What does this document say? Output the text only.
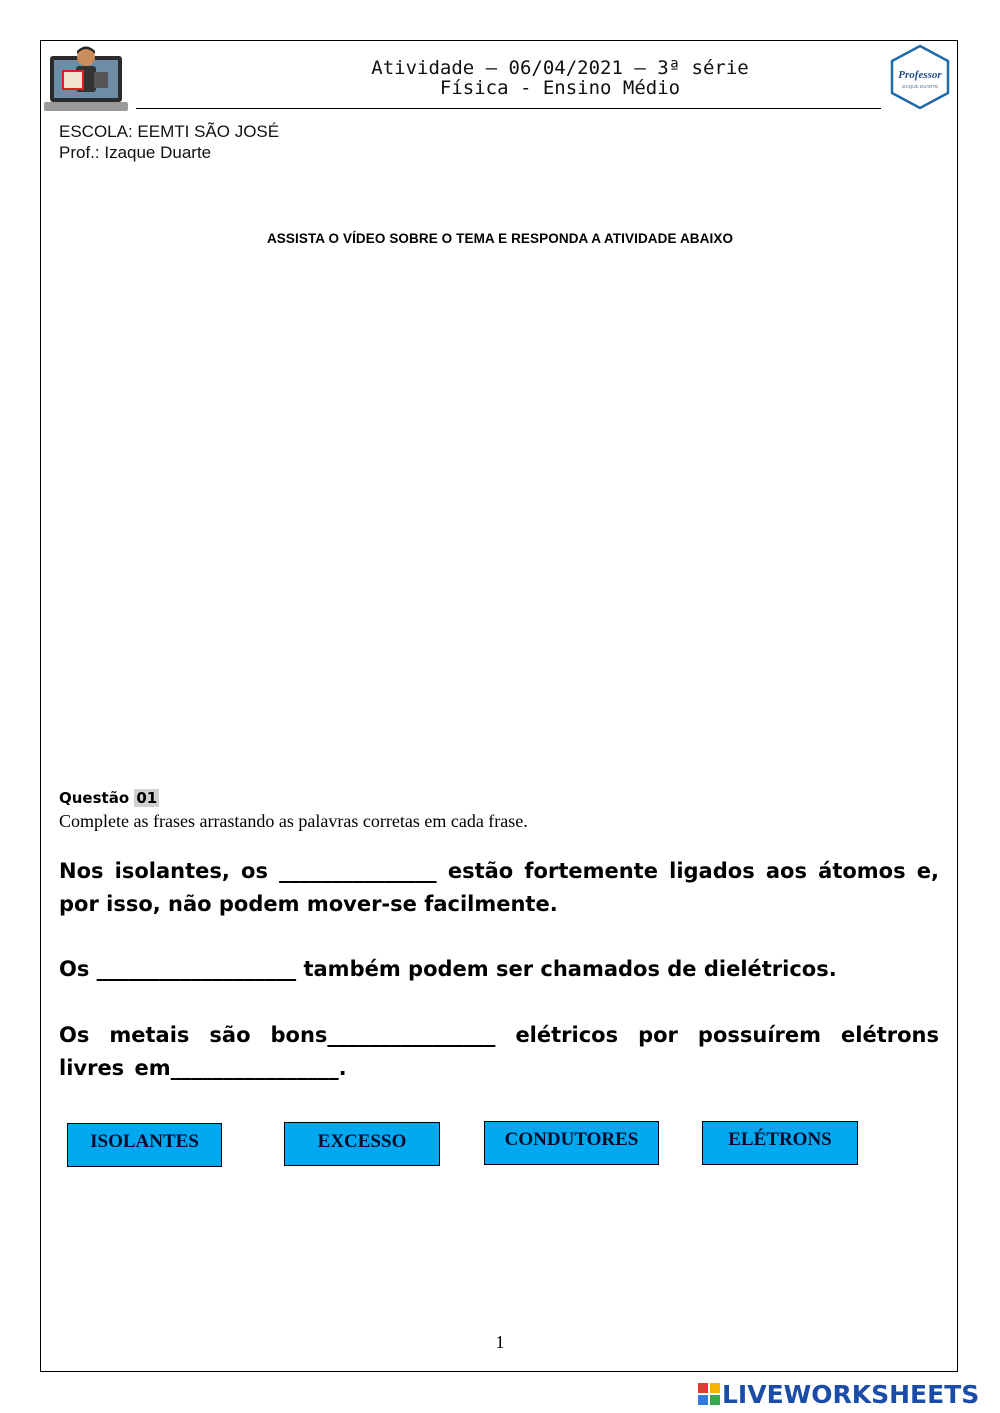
Atividade – 06/04/2021 – 3ª série
Física - Ensino Médio
Professor
IZAQUE DUARTE
ESCOLA: EEMTI SÃO JOSÉ
Prof.: Izaque Duarte
ASSISTA O VÍDEO SOBRE O TEMA E RESPONDA A ATIVIDADE ABAIXO
Questão 01
Complete as frases arrastando as palavras corretas em cada frase.
Nos isolantes, os _______________ estão fortemente ligados aos átomos e, por isso, não podem mover-se facilmente.
Os ___________________ também podem ser chamados de dielétricos.
Os metais são bons________________ elétricos por possuírem elétrons livres em________________.
ISOLANTES	EXCESSO	CONDUTORES	ELÉTRONS
1
LIVEWORKSHEETS
